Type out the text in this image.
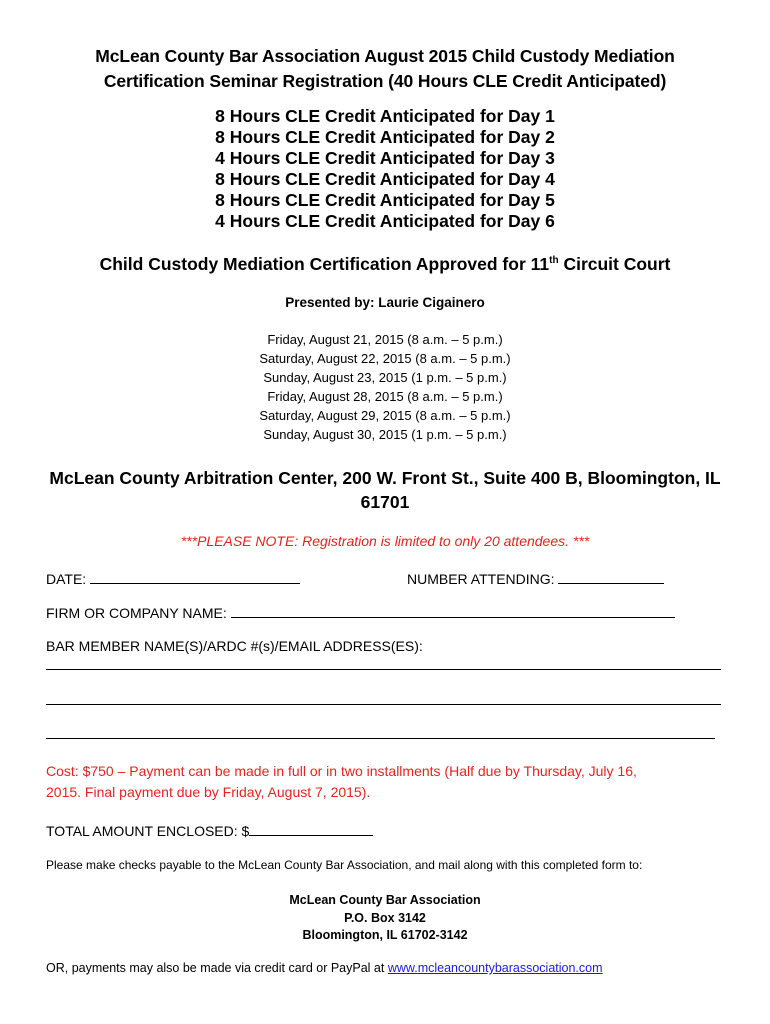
McLean County Bar Association August 2015 Child Custody Mediation
Certification Seminar Registration (40 Hours CLE Credit Anticipated)
8 Hours CLE Credit Anticipated for Day 1
8 Hours CLE Credit Anticipated for Day 2
4 Hours CLE Credit Anticipated for Day 3
8 Hours CLE Credit Anticipated for Day 4
8 Hours CLE Credit Anticipated for Day 5
4 Hours CLE Credit Anticipated for Day 6
Child Custody Mediation Certification Approved for 11th Circuit Court
Presented by: Laurie Cigainero
Friday, August 21, 2015 (8 a.m. – 5 p.m.)
Saturday, August 22, 2015 (8 a.m. – 5 p.m.)
Sunday, August 23, 2015 (1 p.m. – 5 p.m.)
Friday, August 28, 2015 (8 a.m. – 5 p.m.)
Saturday, August 29, 2015 (8 a.m. – 5 p.m.)
Sunday, August 30, 2015 (1 p.m. – 5 p.m.)
McLean County Arbitration Center, 200 W. Front St., Suite 400 B, Bloomington, IL
61701
***PLEASE NOTE: Registration is limited to only 20 attendees. ***
DATE:	NUMBER ATTENDING:
FIRM OR COMPANY NAME:
BAR MEMBER NAME(S)/ARDC #(s)/EMAIL ADDRESS(ES):
Cost: $750 – Payment can be made in full or in two installments (Half due by Thursday, July 16,
2015. Final payment due by Friday, August 7, 2015).
TOTAL AMOUNT ENCLOSED: $
Please make checks payable to the McLean County Bar Association, and mail along with this completed form to:
McLean County Bar Association
P.O. Box 3142
Bloomington, IL 61702-3142
OR, payments may also be made via credit card or PayPal at www.mcleancountybarassociation.com
